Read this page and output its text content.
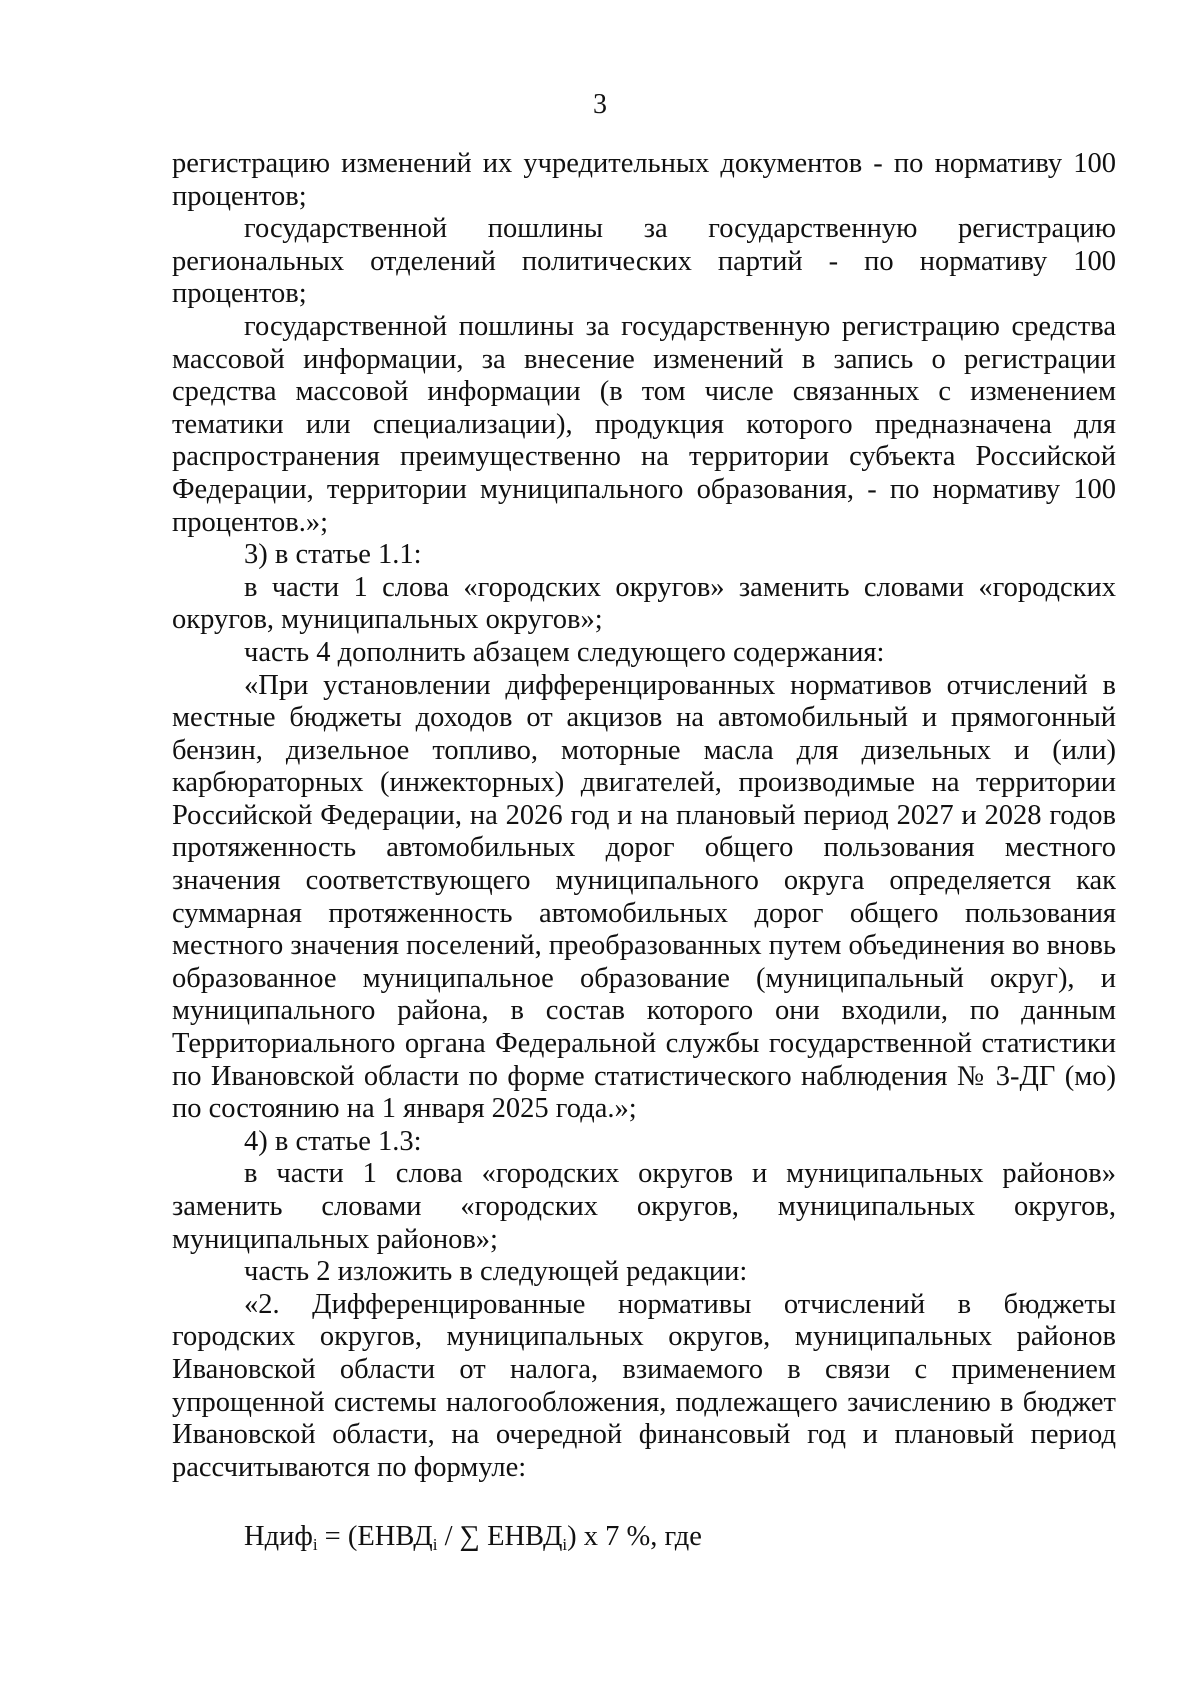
3

регистрацию изменений их учредительных документов - по нормативу 100 процентов;

государственной пошлины за государственную регистрацию региональных отделений политических партий - по нормативу 100 процентов;

государственной пошлины за государственную регистрацию средства массовой информации, за внесение изменений в запись о регистрации средства массовой информации (в том числе связанных с изменением тематики или специализации), продукция которого предназначена для распространения преимущественно на территории субъекта Российской Федерации, территории муниципального образования, - по нормативу 100 процентов.»;

3) в статье 1.1:

в части 1 слова «городских округов» заменить словами «городских округов, муниципальных округов»;

часть 4 дополнить абзацем следующего содержания:

«При установлении дифференцированных нормативов отчислений в местные бюджеты доходов от акцизов на автомобильный и прямогонный бензин, дизельное топливо, моторные масла для дизельных и (или) карбюраторных (инжекторных) двигателей, производимые на территории Российской Федерации, на 2026 год и на плановый период 2027 и 2028 годов протяженность автомобильных дорог общего пользования местного значения соответствующего муниципального округа определяется как суммарная протяженность автомобильных дорог общего пользования местного значения поселений, преобразованных путем объединения во вновь образованное муниципальное образование (муниципальный округ), и муниципального района, в состав которого они входили, по данным Территориального органа Федеральной службы государственной статистики по Ивановской области по форме статистического наблюдения № 3-ДГ (мо) по состоянию на 1 января 2025 года.»;

4) в статье 1.3:

в части 1 слова «городских округов и муниципальных районов» заменить словами «городских округов, муниципальных округов, муниципальных районов»;

часть 2 изложить в следующей редакции:

«2. Дифференцированные нормативы отчислений в бюджеты городских округов, муниципальных округов, муниципальных районов Ивановской области от налога, взимаемого в связи с применением упрощенной системы налогообложения, подлежащего зачислению в бюджет Ивановской области, на очередной финансовый год и плановый период рассчитываются по формуле:

Ндиф$_i$ = ($ЕНВД_i$ / ∑ $ЕНВД_i$) x 7 %, где
